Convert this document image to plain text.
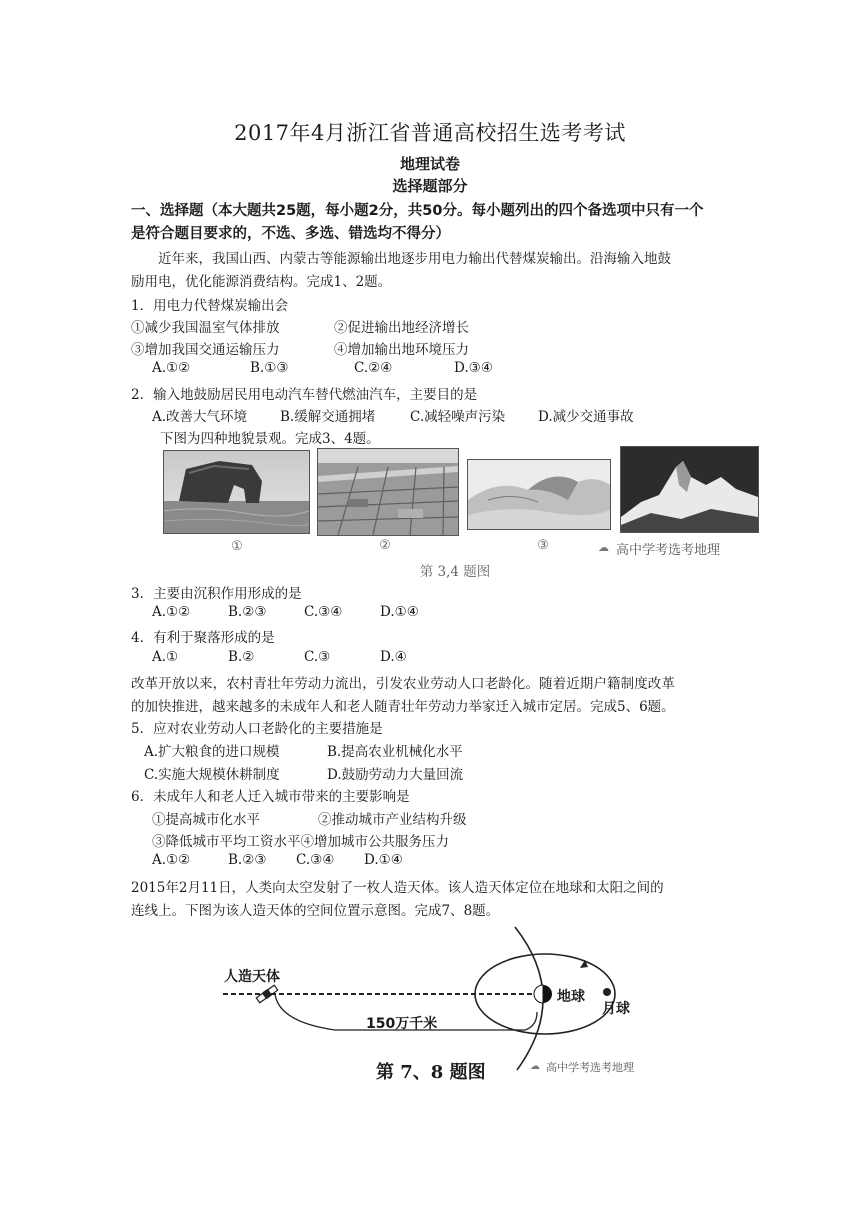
2017年4月浙江省普通高校招生选考考试
地理试卷
选择题部分
一、选择题（本大题共25题，每小题2分，共50分。每小题列出的四个备选项中只有一个
是符合题目要求的，不选、多选、错选均不得分）
近年来，我国山西、内蒙古等能源输出地逐步用电力输出代替煤炭输出。沿海输入地鼓
励用电，优化能源消费结构。完成1、2题。
1．用电力代替煤炭输出会
①减少我国温室气体排放	②促进输出地经济增长
③增加我国交通运输压力	④增加输出地环境压力
A.①②	B.①③	C.②④	D.③④
2．输入地鼓励居民用电动汽车替代燃油汽车，主要目的是
A.改善大气环境 B.缓解交通拥堵	C.减轻噪声污染 D.减少交通事故
下图为四种地貌景观。完成3、4题。
①	②	③	☁ 高中学考选考地理
第 3,4 题图
3．主要由沉积作用形成的是
A.①②	B.②③	C.③④	D.①④
4．有利于聚落形成的是
A.①	B.②	C.③	D.④
改革开放以来，农村青壮年劳动力流出，引发农业劳动人口老龄化。随着近期户籍制度改革
的加快推进，越来越多的未成年人和老人随青壮年劳动力举家迁入城市定居。完成5、6题。
5．应对农业劳动人口老龄化的主要措施是
A.扩大粮食的进口规模	B.提高农业机械化水平
C.实施大规模休耕制度	D.鼓励劳动力大量回流
6．未成年人和老人迁入城市带来的主要影响是
①提高城市化水平	②推动城市产业结构升级
③降低城市平均工资水平④增加城市公共服务压力
A.①②	B.②③ C.③④ D.①④
2015年2月11日，人类向太空发射了一枚人造天体。该人造天体定位在地球和太阳之间的
连线上。下图为该人造天体的空间位置示意图。完成7、8题。
人造天体
150万千米
地球
月球
第 7、8 题图	☁ 高中学考选考地理
